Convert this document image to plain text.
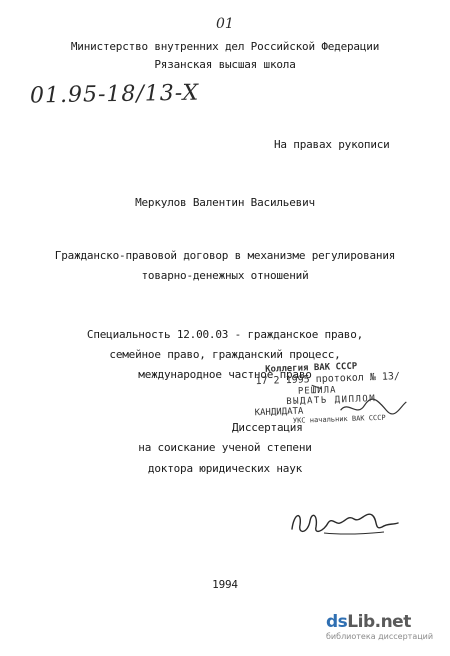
01
Министерство внутренних дел Российской Федерации
Рязанская высшая школа
01.95-18/13-X
На правах рукописи
Меркулов Валентин Васильевич
Гражданско-правовой договор в механизме регулирования
товарно-денежных отношений
Специальность 12.00.03 - гражданское право,
семейное право, гражданский процесс,
международное частное право
Диссертация
на соискание ученой степени
доктора юридических наук
Коллегия ВАК СССР
17 2 1995 протокол № 13/
РЕШИЛА
ВЫДАТЬ ДИПЛОМ
КАНДИДАТА
УКС начальник ВАК СССР
1994
dsLib.net
библиотека диссертаций
